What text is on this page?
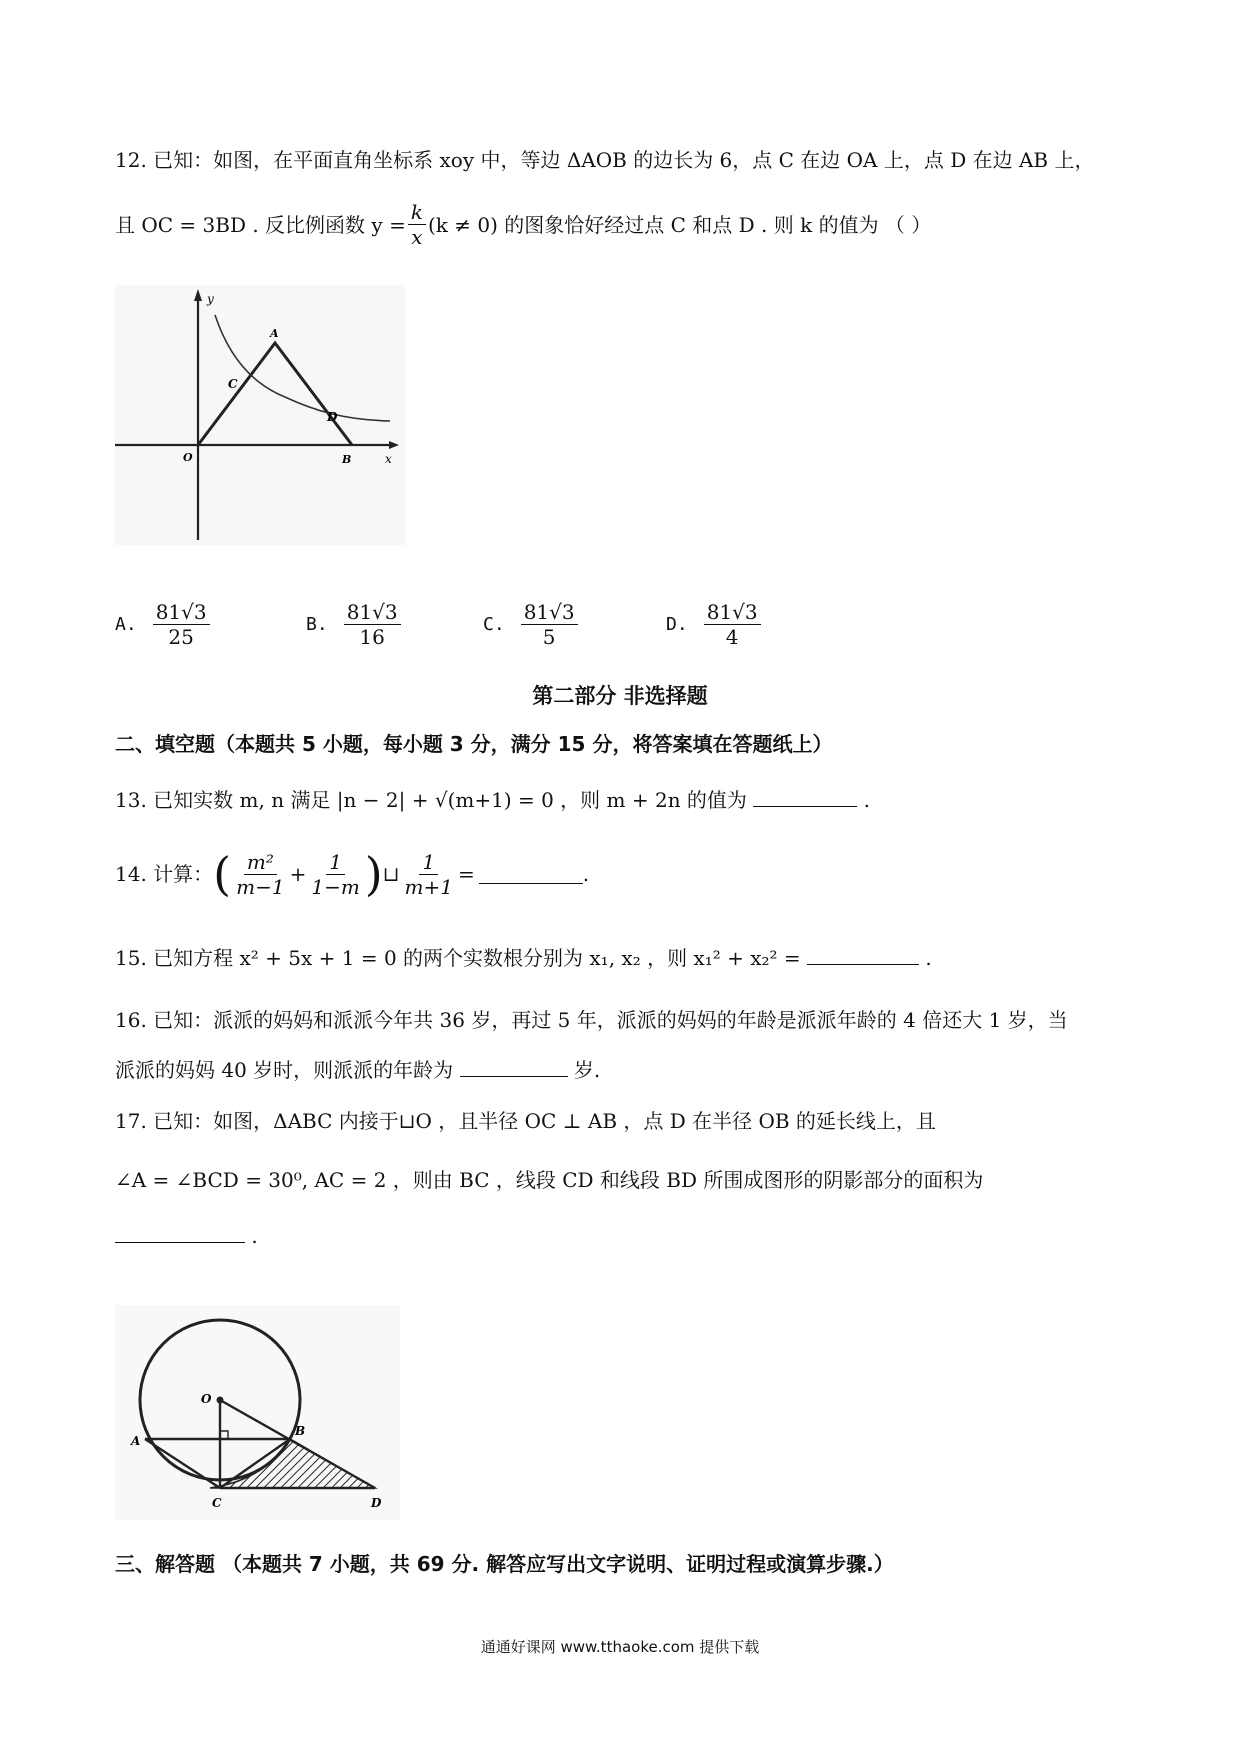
12. 已知：如图，在平面直角坐标系 xoy 中，等边 ΔAOB 的边长为 6，点 C 在边 OA 上，点 D 在边 AB 上，
且 OC = 3BD . 反比例函数 $y = \frac{k}{x} (k \ne 0)$ 的图象恰好经过点 C 和点 D . 则 k 的值为 （ ）
y
x
O
A
B
C
D
A. $\frac{81√3}{25}$	B. $\frac{81√3}{16}$	C. $\frac{81√3}{5}$	D. $\frac{81√3}{4}$
第二部分 非选择题
二、填空题（本题共 5 小题，每小题 3 分，满分 15 分，将答案填在答题纸上）
13. 已知实数 m, n 满足 |n − 2| + √(m+1) = 0 ，则 m + 2n 的值为	.
14. 计算： ( $\frac{\text{m²}}{m-1} + \frac{1}{1-m}$ ) ⊔ $\frac{1}{m+1}$ =	.
15. 已知方程 x² + 5x + 1 = 0 的两个实数根分别为 x₁, x₂ ，则 x₁² + x₂² =	.
16. 已知：派派的妈妈和派派今年共 36 岁，再过 5 年，派派的妈妈的年龄是派派年龄的 4 倍还大 1 岁，当
派派的妈妈 40 岁时，则派派的年龄为	岁.
17. 已知：如图，ΔABC 内接于⊔O ，且半径 OC ⊥ AB ，点 D 在半径 OB 的延长线上，且
∠A = ∠BCD = 30⁰, AC = 2 ，则由 BC ，线段 CD 和线段 BD 所围成图形的阴影部分的面积为
.
O
A
B
C	D
三、解答题 （本题共 7 小题，共 69 分. 解答应写出文字说明、证明过程或演算步骤.）
通通好课网 www.tthaoke.com 提供下载
